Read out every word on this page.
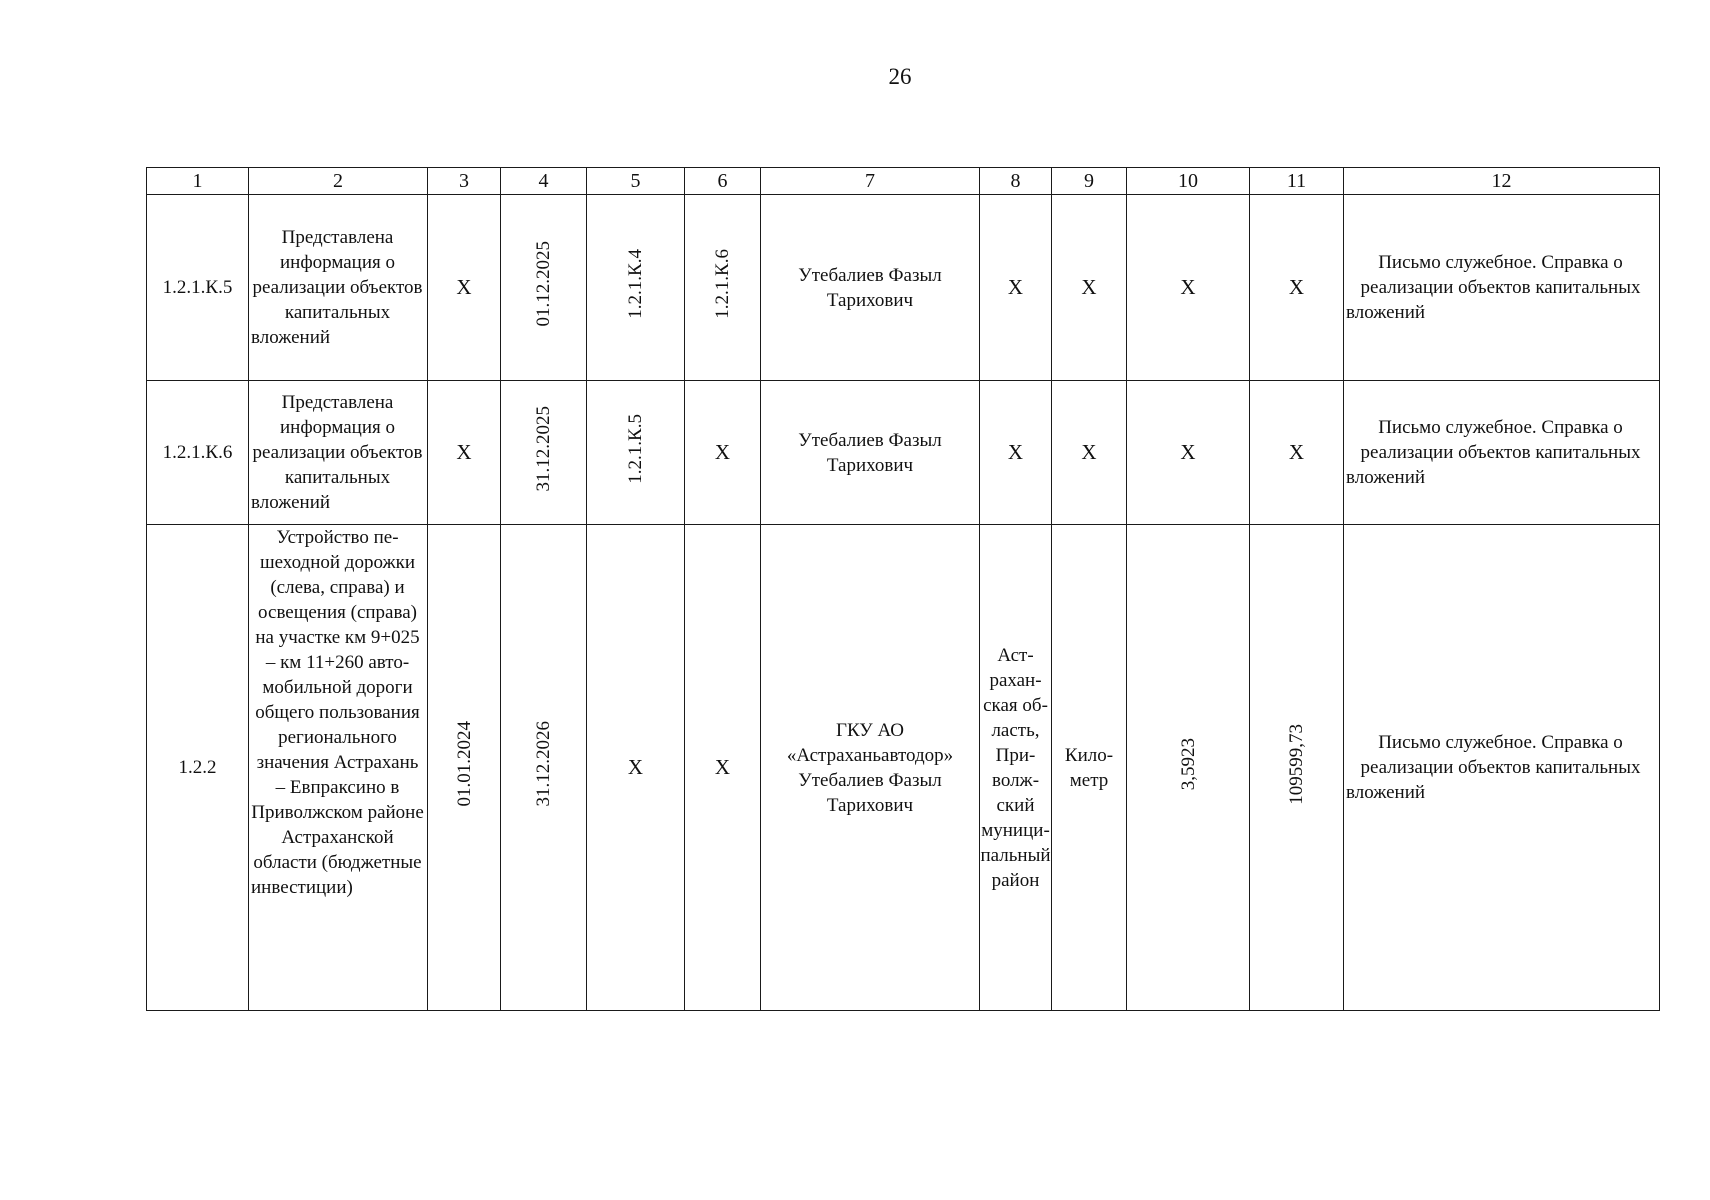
26
1	2	3	4	5	6	7	8	9	10	11	12
1.2.1.К.5	Представлена информация о реализации объектов капитальных вложений	X	01.12.2025	1.2.1.К.4	1.2.1.К.6	Утебалиев Фазыл Тарихович	X	X	X	X	Письмо служебное. Справка о реализации объектов капитальных вложений
1.2.1.К.6	Представлена информация о реализации объектов капитальных вложений	X	31.12.2025	1.2.1.К.5	X	Утебалиев Фазыл Тарихович	X	X	X	X	Письмо служебное. Справка о реализации объектов капитальных вложений
1.2.2	Устройство пешеходной дорожки (слева, справа) и освещения (справа) на участке км 9+025 – км 11+260 автомобильной дороги общего пользования регионального значения Астрахань – Евпраксино в Приволжском районе Астраханской области (бюджетные инвестиции)	01.01.2024	31.12.2026	X	X	ГКУ АО «Астраханьавтодор» Утебалиев Фазыл Тарихович	Астраханская область, Приволжский муниципальный район	Километр	3,5923	109599,73	Письмо служебное. Справка о реализации объектов капитальных вложений
